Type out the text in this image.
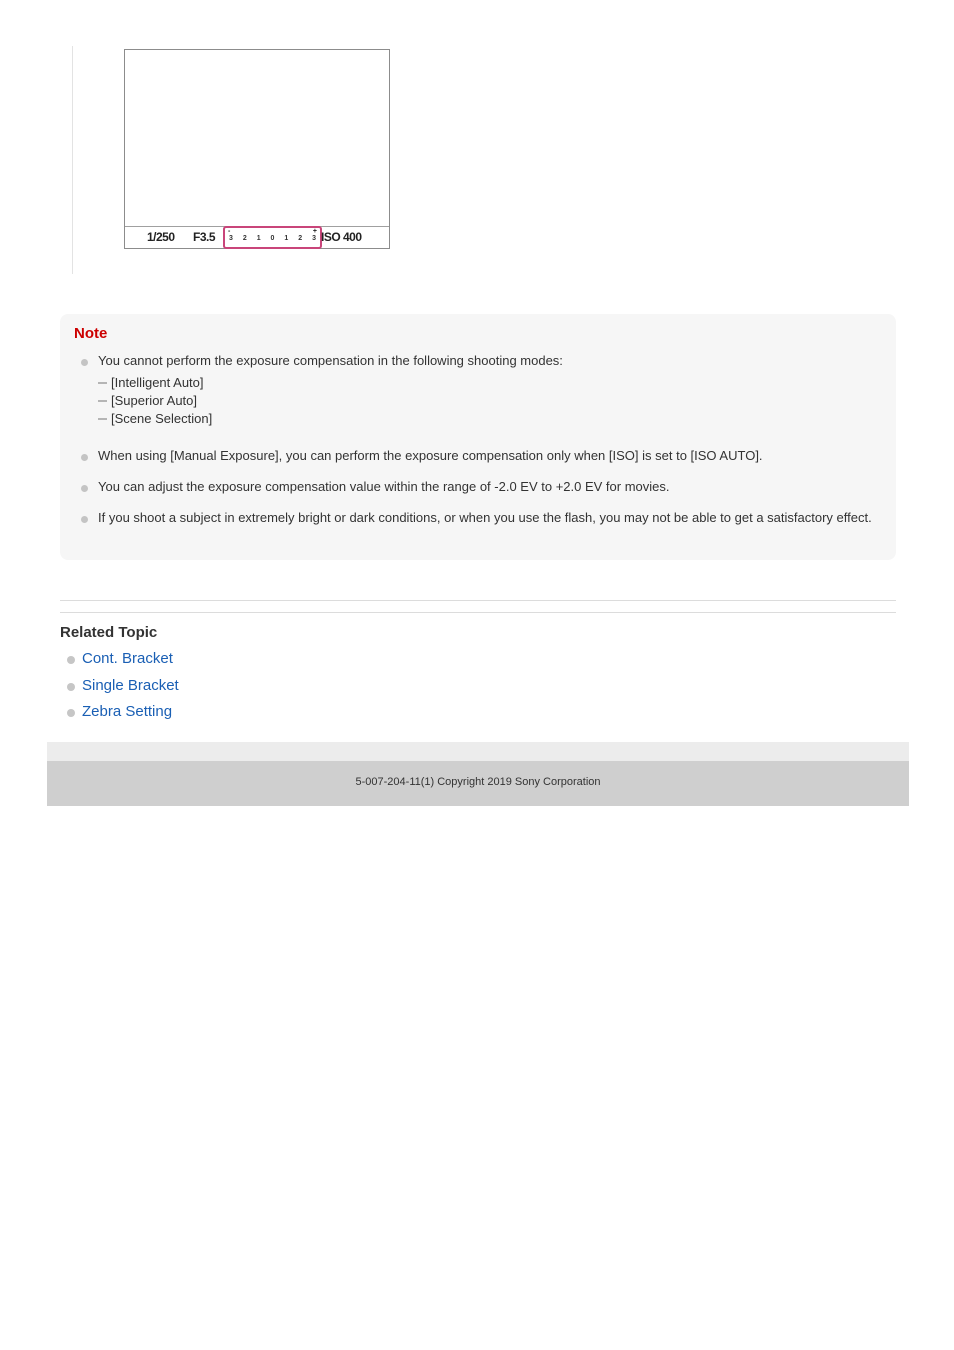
1/250 F3.5 -	+
3 2 1 0 1 2 3 ISO 400
Note
You cannot perform the exposure compensation in the following shooting modes:
[Intelligent Auto]
[Superior Auto]
[Scene Selection]
When using [Manual Exposure], you can perform the exposure compensation only when [ISO] is set to [ISO AUTO].
You can adjust the exposure compensation value within the range of -2.0 EV to +2.0 EV for movies.
If you shoot a subject in extremely bright or dark conditions, or when you use the flash, you may not be able to get a satisfactory effect.
Related Topic
Cont. Bracket
Single Bracket
Zebra Setting
5-007-204-11(1) Copyright 2019 Sony Corporation
